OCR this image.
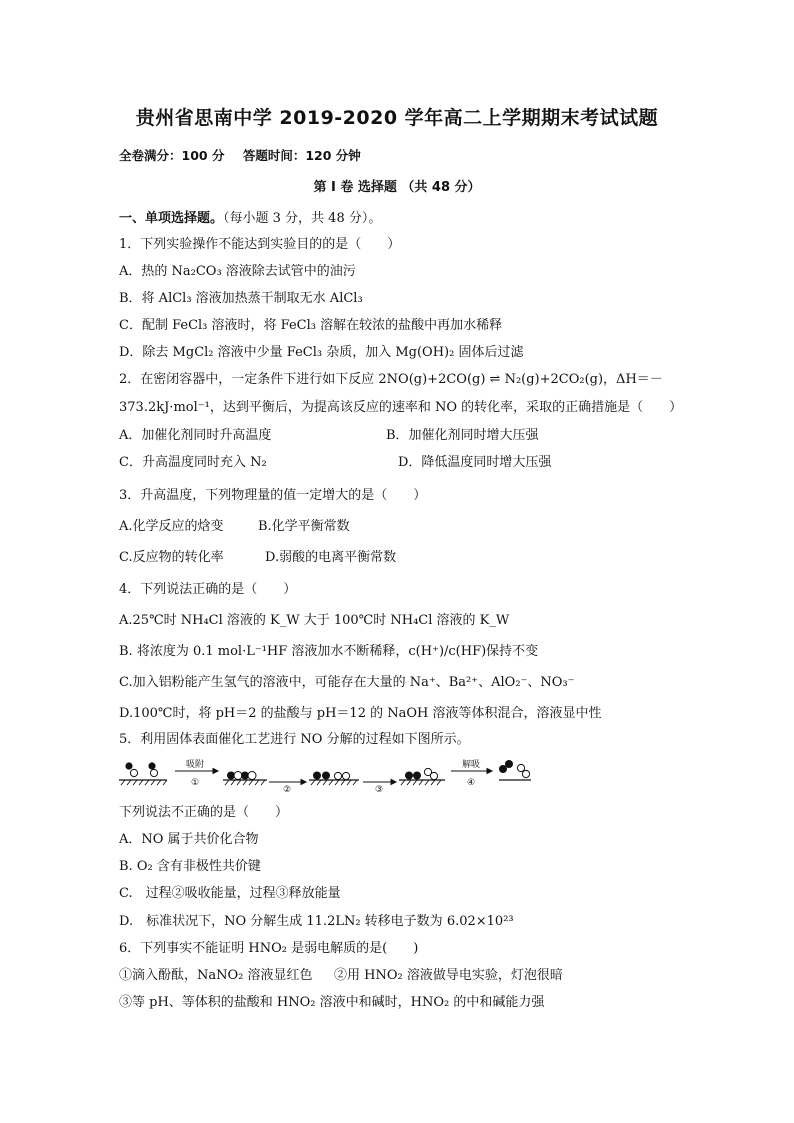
贵州省思南中学 2019-2020 学年高二上学期期末考试试题
全卷满分：100 分 答题时间：120 分钟
第 I 卷 选择题 （共 48 分）
一、单项选择题。（每小题 3 分，共 48 分）。
1．下列实验操作不能达到实验目的的是（　　）
A．热的 Na₂CO₃ 溶液除去试管中的油污
B．将 AlCl₃ 溶液加热蒸干制取无水 AlCl₃
C．配制 FeCl₃ 溶液时，将 FeCl₃ 溶解在较浓的盐酸中再加水稀释
D．除去 MgCl₂ 溶液中少量 FeCl₃ 杂质，加入 Mg(OH)₂ 固体后过滤
2．在密闭容器中，一定条件下进行如下反应 2NO(g)+2CO(g) ⇌ N₂(g)+2CO₂(g)，ΔH＝－
373.2kJ·mol⁻¹，达到平衡后，为提高该反应的速率和 NO 的转化率，采取的正确措施是（　　）
A．加催化剂同时升高温度	B．加催化剂同时增大压强
C．升高温度同时充入 N₂	D．降低温度同时增大压强
3．升高温度，下列物理量的值一定增大的是（　　）
A.化学反应的焓变	B.化学平衡常数
C.反应物的转化率	D.弱酸的电离平衡常数
4．下列说法正确的是（　　）
A.25℃时 NH₄Cl 溶液的 K_W 大于 100℃时 NH₄Cl 溶液的 K_W
B. 将浓度为 0.1 mol·L⁻¹HF 溶液加水不断稀释，c(H⁺)/c(HF)保持不变
C.加入铝粉能产生氢气的溶液中，可能存在大量的 Na⁺、Ba²⁺、AlO₂⁻、NO₃⁻
D.100℃时，将 pH＝2 的盐酸与 pH＝12 的 NaOH 溶液等体积混合，溶液显中性
5．利用固体表面催化工艺进行 NO 分解的过程如下图所示。
吸附
①
②	③
解吸
④
下列说法不正确的是（　　）
A．NO 属于共价化合物
B. O₂ 含有非极性共价键
C.　过程②吸收能量，过程③释放能量
D.　标准状况下，NO 分解生成 11.2LN₂ 转移电子数为 6.02×10²³
6．下列事实不能证明 HNO₂ 是弱电解质的是(　　)
①滴入酚酞，NaNO₂ 溶液显红色 ②用 HNO₂ 溶液做导电实验，灯泡很暗
③等 pH、等体积的盐酸和 HNO₂ 溶液中和碱时，HNO₂ 的中和碱能力强
